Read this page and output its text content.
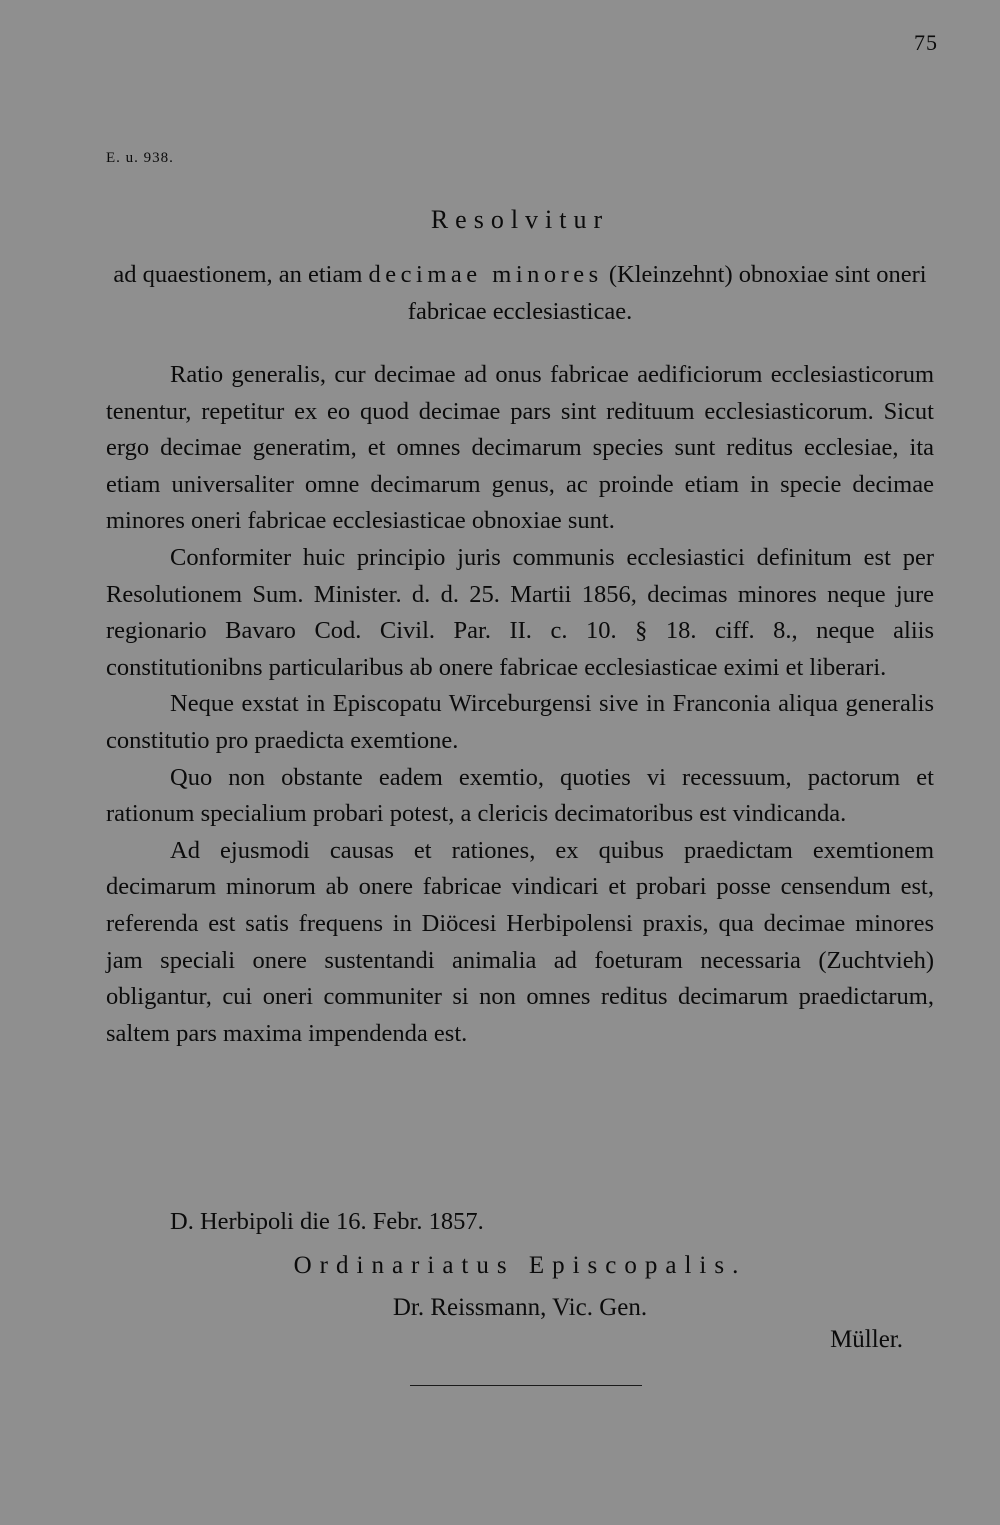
75
E. u. 938.
Resolvitur
ad quaestionem, an etiam decimae minores (Kleinzehnt) obnoxiae sint oneri fabricae ecclesiasticae.

Ratio generalis, cur decimae ad onus fabricae aedificiorum ecclesiasticorum tenentur, repetitur ex eo quod decimae pars sint redituum ecclesiasticorum. Sicut ergo decimae generatim, et omnes decimarum species sunt reditus ecclesiae, ita etiam universaliter omne decimarum genus, ac proinde etiam in specie decimae minores oneri fabricae ecclesiasticae obnoxiae sunt.

Conformiter huic principio juris communis ecclesiastici definitum est per Resolutionem Sum. Minister. d. d. 25. Martii 1856, decimas minores neque jure regionario Bavaro Cod. Civil. Par. II. c. 10. § 18. ciff. 8., neque aliis constitutionibns particularibus ab onere fabricae ecclesiasticae eximi et liberari.

Neque exstat in Episcopatu Wirceburgensi sive in Franconia aliqua generalis constitutio pro praedicta exemtione.

Quo non obstante eadem exemtio, quoties vi recessuum, pactorum et rationum specialium probari potest, a clericis decimatoribus est vindicanda.

Ad ejusmodi causas et rationes, ex quibus praedictam exemtionem decimarum minorum ab onere fabricae vindicari et probari posse censendum est, referenda est satis frequens in Diöcesi Herbipolensi praxis, qua decimae minores jam speciali onere sustentandi animalia ad foeturam necessaria (Zuchtvieh) obligantur, cui oneri communiter si non omnes reditus decimarum praedictarum, saltem pars maxima impendenda est.

D. Herbipoli die 16. Febr. 1857.
Ordinariatus Episcopalis.
Dr. Reissmann, Vic. Gen.
Müller.
